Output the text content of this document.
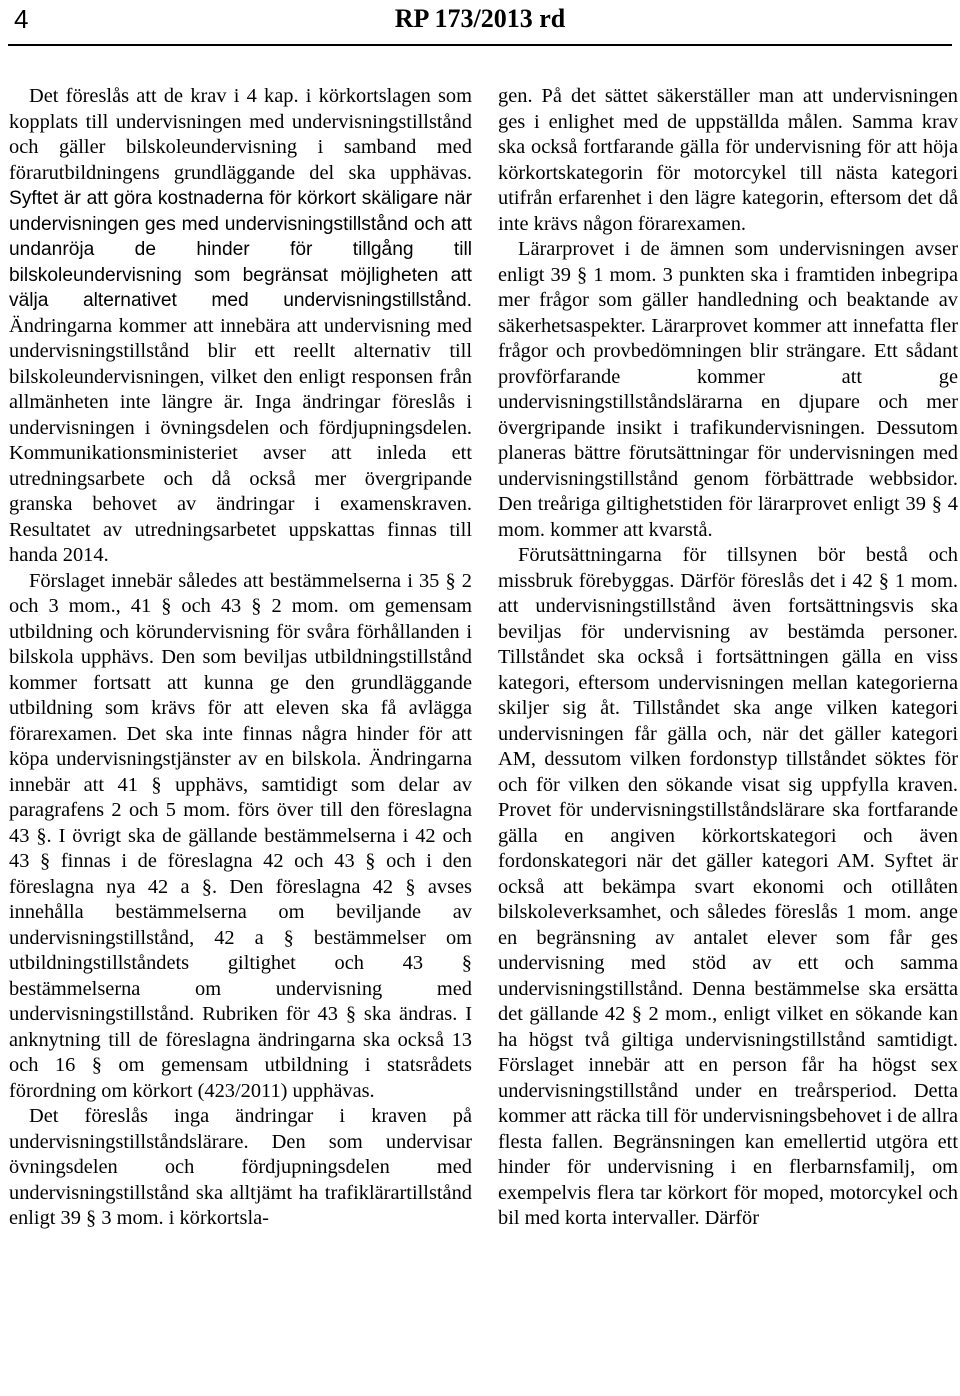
4	RP 173/2013 rd

Det föreslås att de krav i 4 kap. i körkortslagen som kopplats till undervisningen med undervisningstillstånd och gäller bilskoleundervisning i samband med förarutbildningens grundläggande del ska upphävas. Syftet är att göra kostnaderna för körkort skäligare när undervisningen ges med undervisningstillstånd och att undanröja de hinder för tillgång till bilskoleundervisning som begränsat möjligheten att välja alternativet med undervisningstillstånd. Ändringarna kommer att innebära att undervisning med undervisningstillstånd blir ett reellt alternativ till bilskoleundervisningen, vilket den enligt responsen från allmänheten inte längre är. Inga ändringar föreslås i undervisningen i övningsdelen och fördjupningsdelen. Kommunikationsministeriet avser att inleda ett utredningsarbete och då också mer övergripande granska behovet av ändringar i examenskraven. Resultatet av utredningsarbetet uppskattas finnas till handa 2014.

Förslaget innebär således att bestämmelserna i 35 § 2 och 3 mom., 41 § och 43 § 2 mom. om gemensam utbildning och körundervisning för svåra förhållanden i bilskola upphävs. Den som beviljas utbildningstillstånd kommer fortsatt att kunna ge den grundläggande utbildning som krävs för att eleven ska få avlägga förarexamen. Det ska inte finnas några hinder för att köpa undervisningstjänster av en bilskola. Ändringarna innebär att 41 § upphävs, samtidigt som delar av paragrafens 2 och 5 mom. förs över till den föreslagna 43 §. I övrigt ska de gällande bestämmelserna i 42 och 43 § finnas i de föreslagna 42 och 43 § och i den föreslagna nya 42 a §. Den föreslagna 42 § avses innehålla bestämmelserna om beviljande av undervisningstillstånd, 42 a § bestämmelser om utbildningstillståndets giltighet och 43 § bestämmelserna om undervisning med undervisningstillstånd. Rubriken för 43 § ska ändras. I anknytning till de föreslagna ändringarna ska också 13 och 16 § om gemensam utbildning i statsrådets förordning om körkort (423/2011) upphävas.

Det föreslås inga ändringar i kraven på undervisningstillståndslärare. Den som undervisar övningsdelen och fördjupningsdelen med undervisningstillstånd ska alltjämt ha trafiklärartillstånd enligt 39 § 3 mom. i körkortsla-

gen. På det sättet säkerställer man att undervisningen ges i enlighet med de uppställda målen. Samma krav ska också fortfarande gälla för undervisning för att höja körkortskategorin för motorcykel till nästa kategori utifrån erfarenhet i den lägre kategorin, eftersom det då inte krävs någon förarexamen.

Lärarprovet i de ämnen som undervisningen avser enligt 39 § 1 mom. 3 punkten ska i framtiden inbegripa mer frågor som gäller handledning och beaktande av säkerhetsaspekter. Lärarprovet kommer att innefatta fler frågor och provbedömningen blir strängare. Ett sådant provförfarande kommer att ge undervisningstillståndslärarna en djupare och mer övergripande insikt i trafikundervisningen. Dessutom planeras bättre förutsättningar för undervisningen med undervisningstillstånd genom förbättrade webbsidor. Den treåriga giltighetstiden för lärarprovet enligt 39 § 4 mom. kommer att kvarstå.

Förutsättningarna för tillsynen bör bestå och missbruk förebyggas. Därför föreslås det i 42 § 1 mom. att undervisningstillstånd även fortsättningsvis ska beviljas för undervisning av bestämda personer. Tillståndet ska också i fortsättningen gälla en viss kategori, eftersom undervisningen mellan kategorierna skiljer sig åt. Tillståndet ska ange vilken kategori undervisningen får gälla och, när det gäller kategori AM, dessutom vilken fordonstyp tillståndet söktes för och för vilken den sökande visat sig uppfylla kraven. Provet för undervisningstillståndslärare ska fortfarande gälla en angiven körkortskategori och även fordonskategori när det gäller kategori AM. Syftet är också att bekämpa svart ekonomi och otillåten bilskoleverksamhet, och således föreslås 1 mom. ange en begränsning av antalet elever som får ges undervisning med stöd av ett och samma undervisningstillstånd. Denna bestämmelse ska ersätta det gällande 42 § 2 mom., enligt vilket en sökande kan ha högst två giltiga undervisningstillstånd samtidigt. Förslaget innebär att en person får ha högst sex undervisningstillstånd under en treårsperiod. Detta kommer att räcka till för undervisningsbehovet i de allra flesta fallen. Begränsningen kan emellertid utgöra ett hinder för undervisning i en flerbarnsfamilj, om exempelvis flera tar körkort för moped, motorcykel och bil med korta intervaller. Därför
